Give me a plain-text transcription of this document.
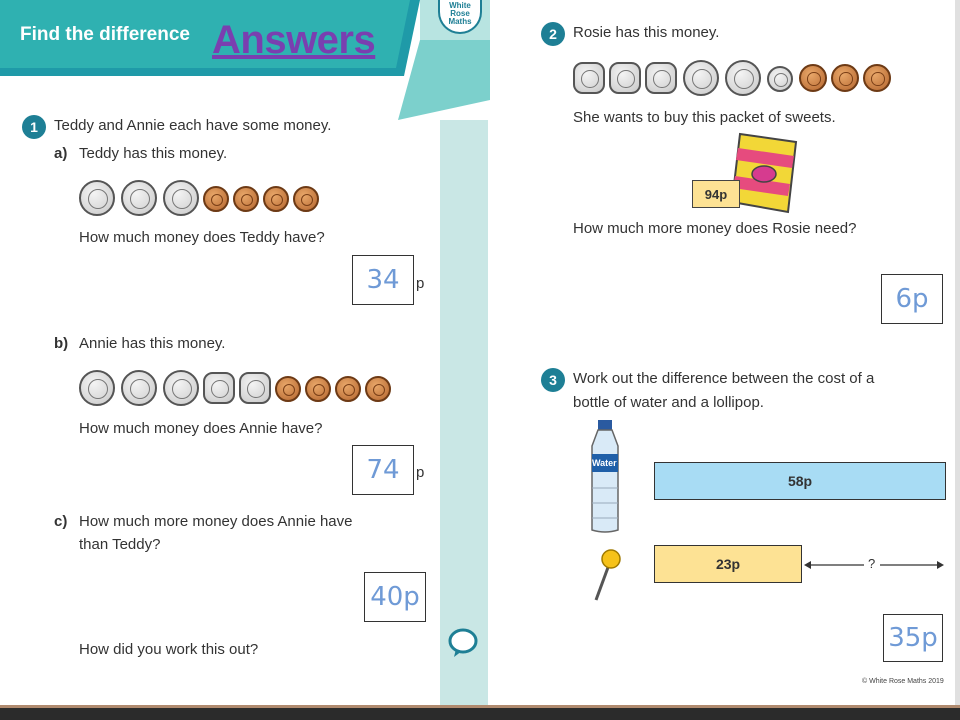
Find the difference Answers
White
Rose
Maths
1	Teddy and Annie each have some money.
a) Teddy has this money.
How much money does Teddy have?
34	p
b) Annie has this money.
How much money does Annie have?
74	p
c) How much more money does Annie have
than Teddy?
40p
How did you work this out?
2	Rosie has this money.
She wants to buy this packet of sweets.
94p
How much more money does Rosie need?
6p
3	Work out the difference between the cost of a
bottle of water and a lollipop.
Water
58p
23p	?
35p
© White Rose Maths 2019
